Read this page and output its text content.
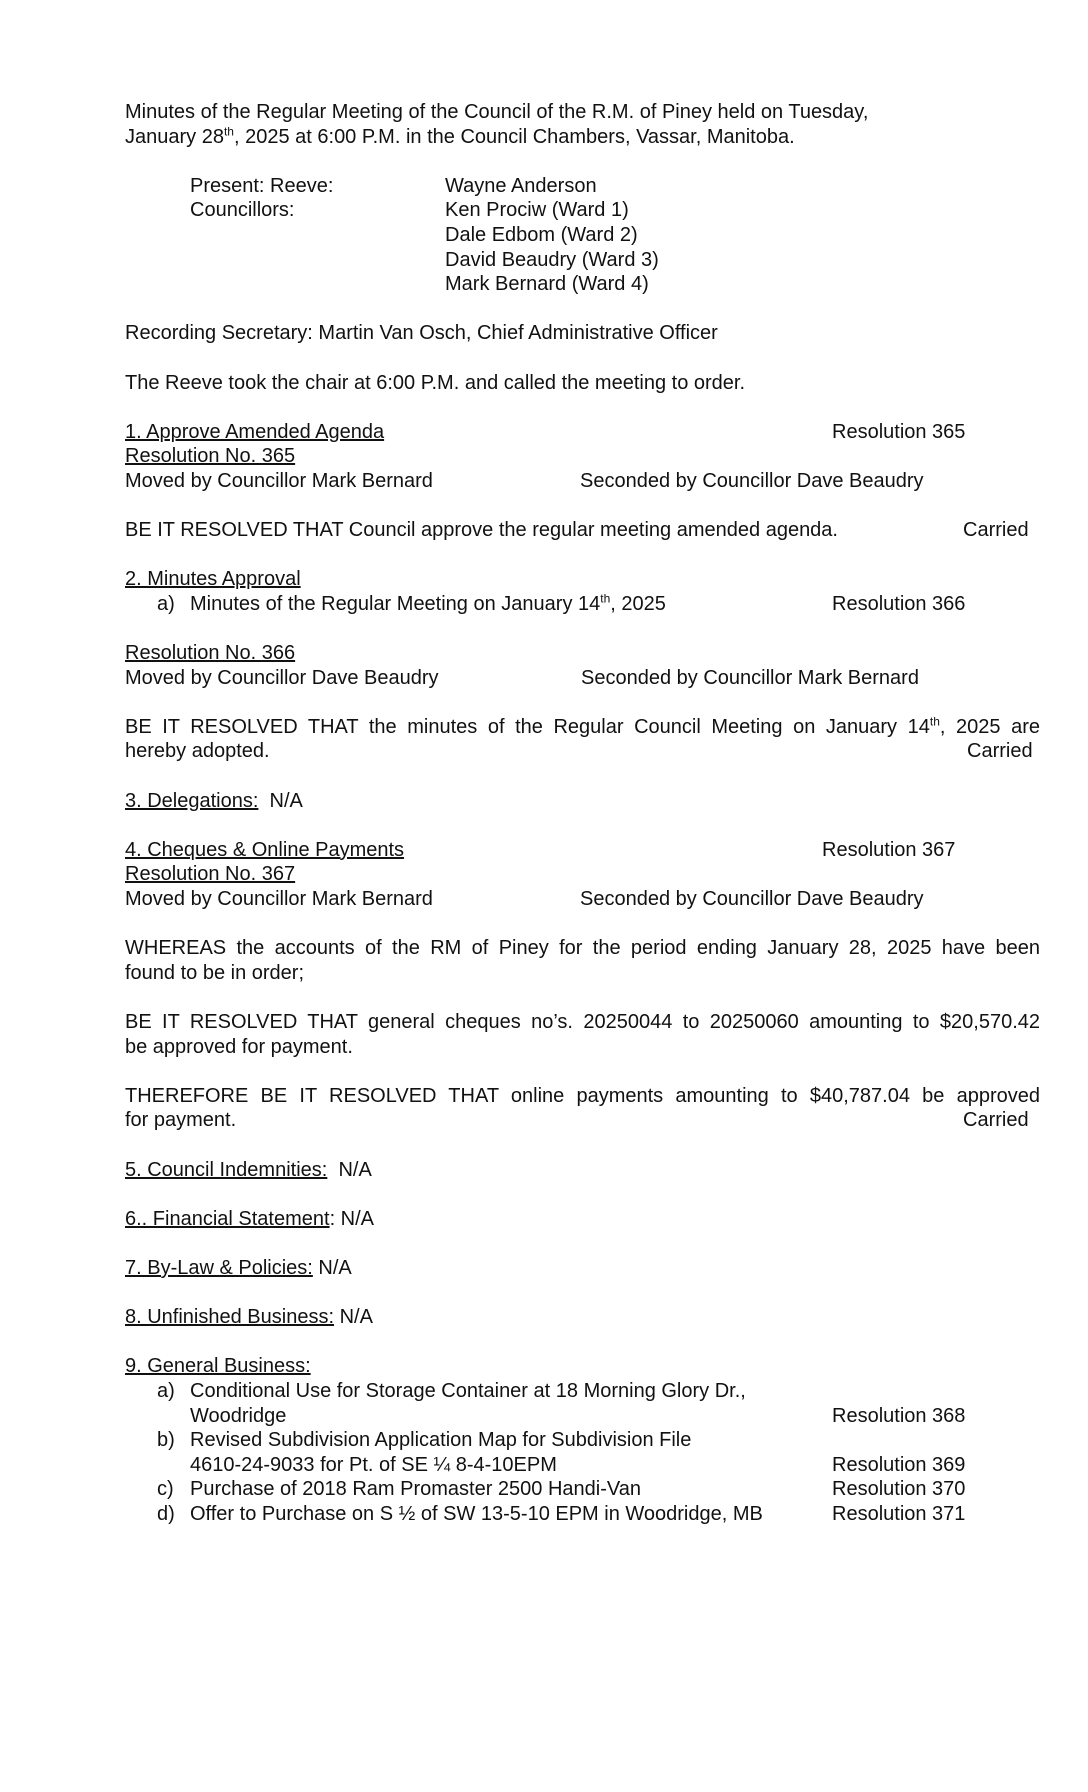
Minutes of the Regular Meeting of the Council of the R.M. of Piney held on Tuesday,
January 28th, 2025 at 6:00 P.M. in the Council Chambers, Vassar, Manitoba.
Present: Reeve:	Wayne Anderson
Councillors:	Ken Prociw (Ward 1)
Dale Edbom (Ward 2)
David Beaudry (Ward 3)
Mark Bernard (Ward 4)
Recording Secretary: Martin Van Osch, Chief Administrative Officer
The Reeve took the chair at 6:00 P.M. and called the meeting to order.
1. Approve Amended Agenda	Resolution 365
Resolution No. 365
Moved by Councillor Mark Bernard	Seconded by Councillor Dave Beaudry
BE IT RESOLVED THAT Council approve the regular meeting amended agenda.	Carried
2. Minutes Approval
a) Minutes of the Regular Meeting on January 14th, 2025	Resolution 366
Resolution No. 366
Moved by Councillor Dave Beaudry	Seconded by Councillor Mark Bernard
BE IT RESOLVED THAT the minutes of the Regular Council Meeting on January 14th, 2025 are
hereby adopted.	Carried
3. Delegations: N/A
4. Cheques & Online Payments	Resolution 367
Resolution No. 367
Moved by Councillor Mark Bernard	Seconded by Councillor Dave Beaudry
WHEREAS the accounts of the RM of Piney for the period ending January 28, 2025 have been
found to be in order;
BE IT RESOLVED THAT general cheques no’s. 20250044 to 20250060 amounting to $20,570.42
be approved for payment.
THEREFORE BE IT RESOLVED THAT online payments amounting to $40,787.04 be approved
for payment.	Carried
5. Council Indemnities: N/A
6.. Financial Statement: N/A
7. By-Law & Policies: N/A
8. Unfinished Business: N/A
9. General Business:
a) Conditional Use for Storage Container at 18 Morning Glory Dr.,
Woodridge	Resolution 368
b) Revised Subdivision Application Map for Subdivision File
4610-24-9033 for Pt. of SE ¼ 8-4-10EPM	Resolution 369
c) Purchase of 2018 Ram Promaster 2500 Handi-Van	Resolution 370
d) Offer to Purchase on S ½ of SW 13-5-10 EPM in Woodridge, MB	Resolution 371
